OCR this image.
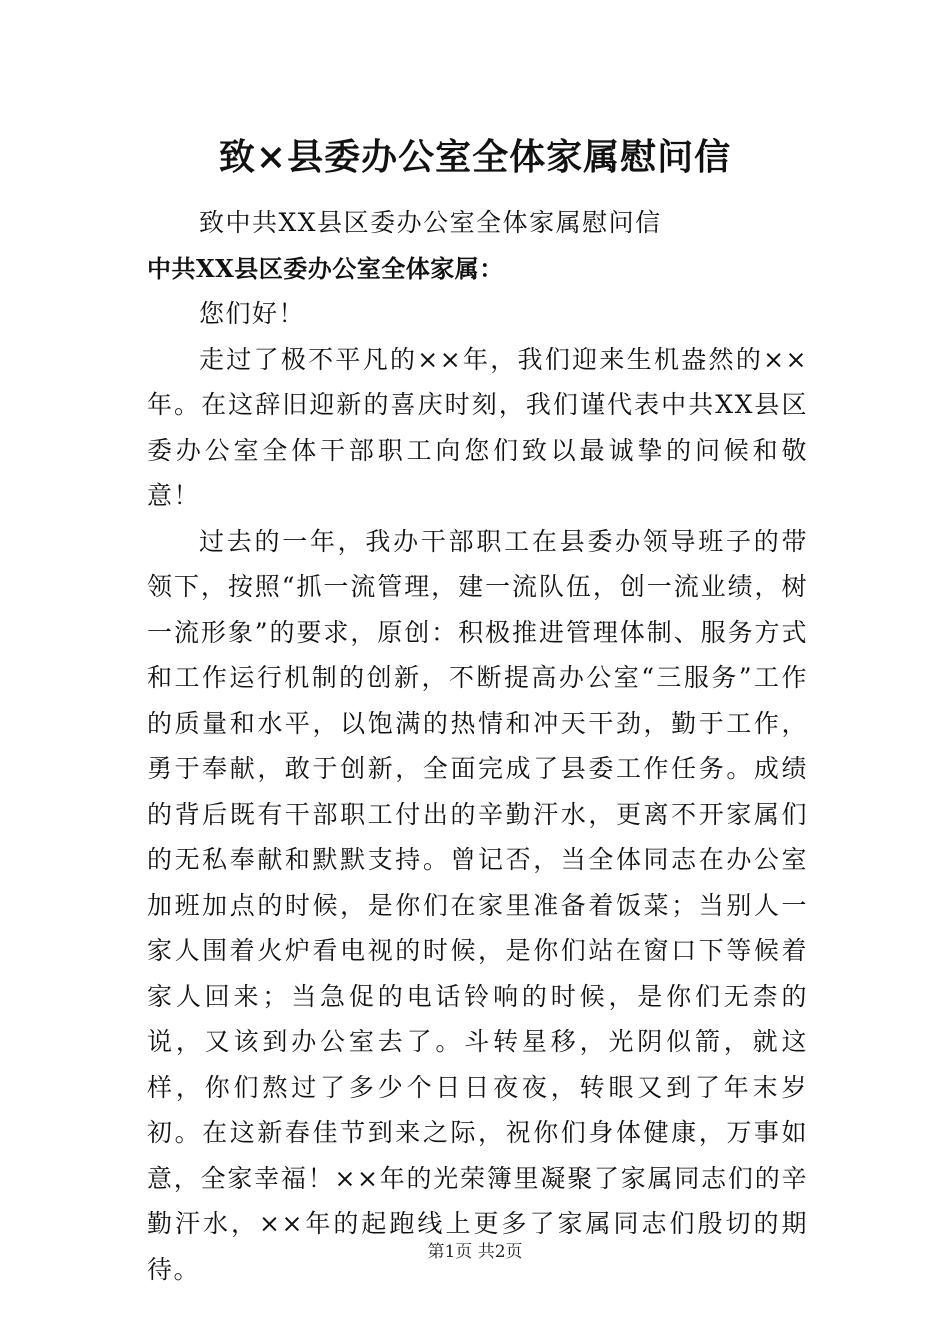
致×县委办公室全体家属慰问信

致中共XX县区委办公室全体家属慰问信

中共XX县区委办公室全体家属：

您们好！

走过了极不平凡的××年，我们迎来生机盎然的××年。在这辞旧迎新的喜庆时刻，我们谨代表中共XX县区委办公室全体干部职工向您们致以最诚挚的问候和敬意！

过去的一年，我办干部职工在县委办领导班子的带领下，按照“抓一流管理，建一流队伍，创一流业绩，树一流形象”的要求，原创：积极推进管理体制、服务方式和工作运行机制的创新，不断提高办公室“三服务”工作的质量和水平，以饱满的热情和冲天干劲，勤于工作，勇于奉献，敢于创新，全面完成了县委工作任务。成绩的背后既有干部职工付出的辛勤汗水，更离不开家属们的无私奉献和默默支持。曾记否，当全体同志在办公室加班加点的时候，是你们在家里准备着饭菜；当别人一家人围着火炉看电视的时候，是你们站在窗口下等候着家人回来；当急促的电话铃响的时候，是你们无柰的说，又该到办公室去了。斗转星移，光阴似箭，就这样，你们熬过了多少个日日夜夜，转眼又到了年末岁初。在这新春佳节到来之际，祝你们身体健康，万事如意，全家幸福！××年的光荣簿里凝聚了家属同志们的辛勤汗水，××年的起跑线上更多了家属同志们殷切的期待。

第1页 共2页
